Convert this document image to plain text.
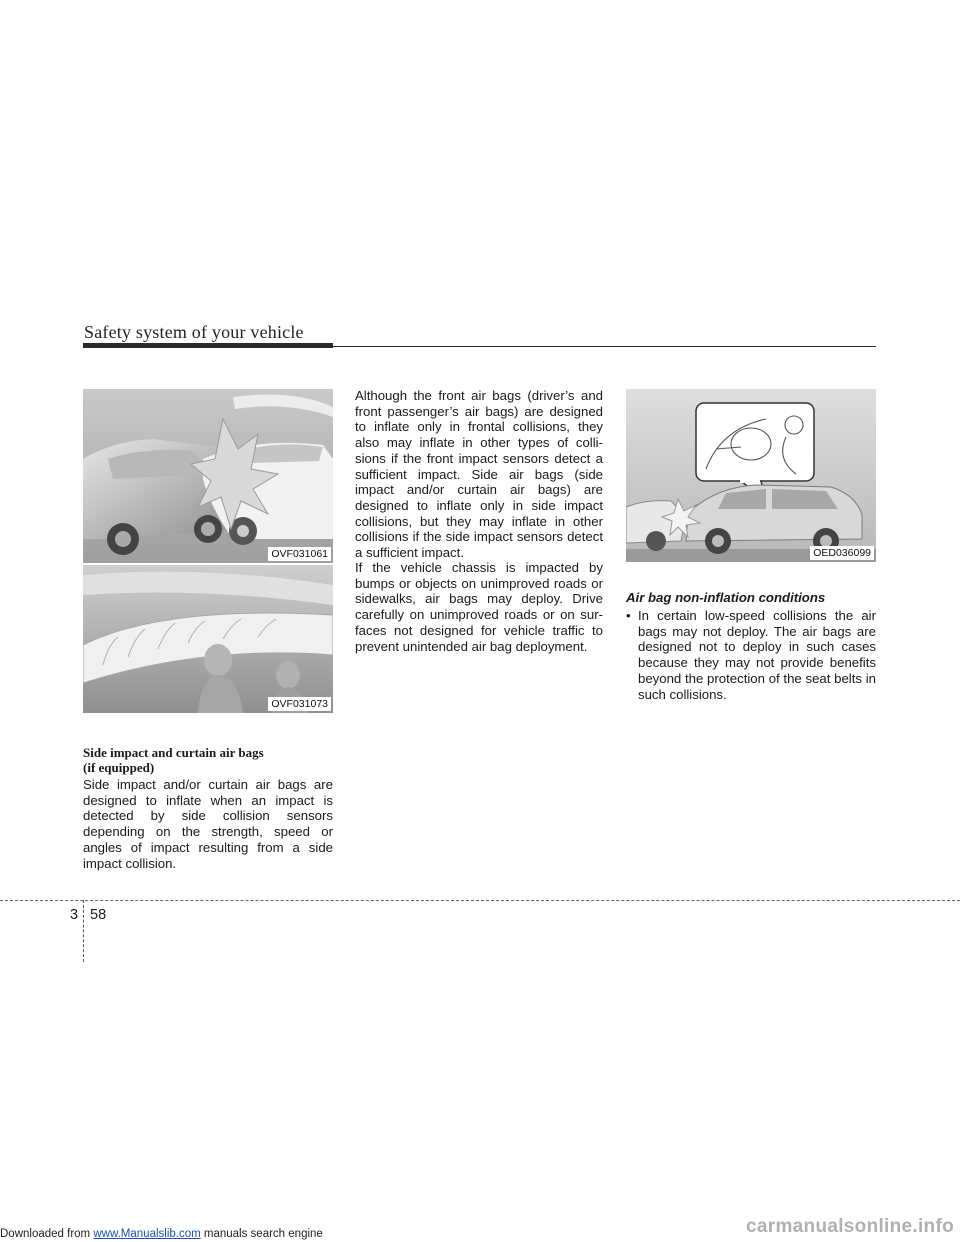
Safety system of your vehicle
OVF031061
OVF031073
Side impact and curtain air bags
(if equipped)
Side impact and/or curtain air bags are designed to inflate when an impact is detected by side collision sensors depending on the strength, speed or angles of impact resulting from a side impact collision.
Although the front air bags (driver’s and front passenger’s air bags) are designed to inflate only in frontal collisions, they also may inflate in other types of colli-sions if the front impact sensors detect a sufficient impact. Side air bags (side impact and/or curtain air bags) are designed to inflate only in side impact collisions, but they may inflate in other collisions if the side impact sensors detect a sufficient impact.
If the vehicle chassis is impacted by bumps or objects on unimproved roads or sidewalks, air bags may deploy. Drive carefully on unimproved roads or on sur-faces not designed for vehicle traffic to prevent unintended air bag deployment.
OED036099
Air bag non-inflation conditions
• In certain low-speed collisions the air bags may not deploy. The air bags are designed not to deploy in such cases because they may not provide benefits beyond the protection of the seat belts in such collisions.
3 58
Downloaded from www.Manualslib.com manuals search engine	carmanualsonline.info
